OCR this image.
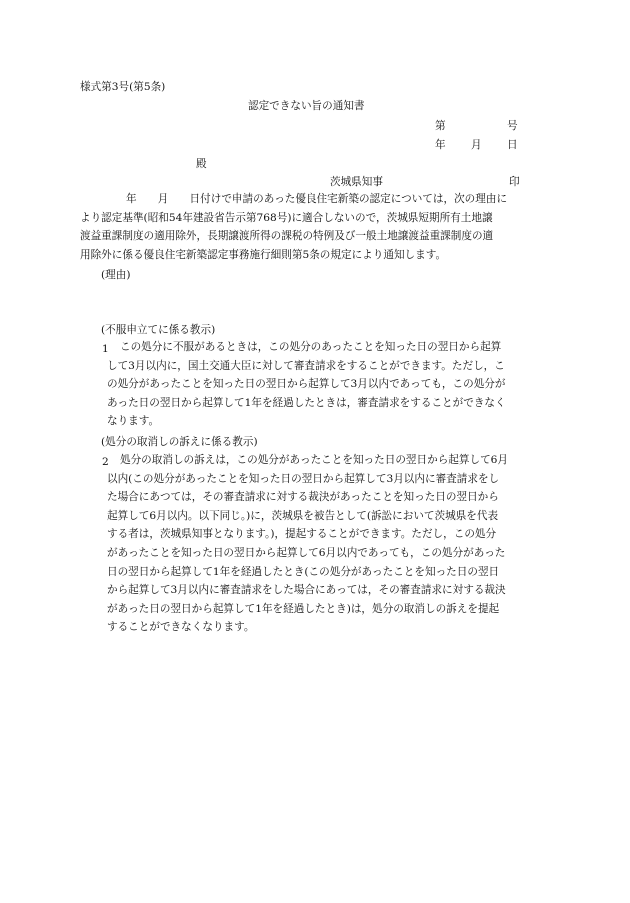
様式第3号(第5条)
認定できない旨の通知書
第	号
年 月 日
殿
茨城県知事	印
年　　月　　日付けで申請のあった優良住宅新築の認定については，次の理由に
より認定基準(昭和54年建設省告示第768号)に適合しないので，茨城県短期所有土地譲
渡益重課制度の適用除外，長期譲渡所得の課税の特例及び一般土地譲渡益重課制度の適
用除外に係る優良住宅新築認定事務施行細則第5条の規定により通知します。
(理由)
(不服申立てに係る教示)
1 この処分に不服があるときは，この処分のあったことを知った日の翌日から起算
して3月以内に，国土交通大臣に対して審査請求をすることができます。ただし，こ
の処分があったことを知った日の翌日から起算して3月以内であっても，この処分が
あった日の翌日から起算して1年を経過したときは，審査請求をすることができなく
なります。
(処分の取消しの訴えに係る教示)
2 処分の取消しの訴えは，この処分があったことを知った日の翌日から起算して6月
以内(この処分があったことを知った日の翌日から起算して3月以内に審査請求をし
た場合にあつては，その審査請求に対する裁決があったことを知った日の翌日から
起算して6月以内。以下同じ。)に，茨城県を被告として(訴訟において茨城県を代表
する者は，茨城県知事となります。)，提起することができます。ただし，この処分
があったことを知った日の翌日から起算して6月以内であっても，この処分があった
日の翌日から起算して1年を経過したとき(この処分があったことを知った日の翌日
から起算して3月以内に審査請求をした場合にあっては，その審査請求に対する裁決
があった日の翌日から起算して1年を経過したとき)は，処分の取消しの訴えを提起
することができなくなります。
